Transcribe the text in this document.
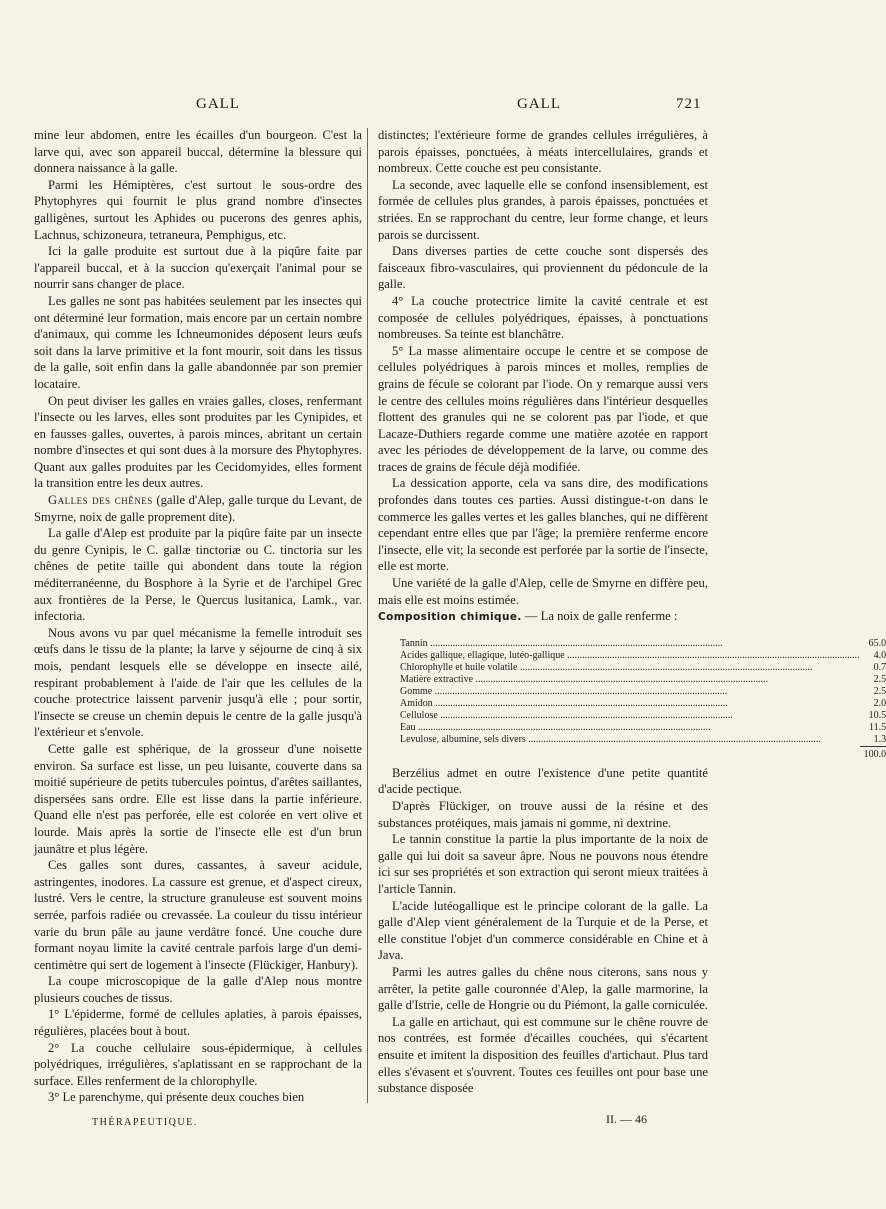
GALL	GALL	721

mine leur abdomen, entre les écailles d'un bourgeon. C'est la larve qui, avec son appareil buccal, détermine la blessure qui donnera naissance à la galle.

Parmi les Hémiptères, c'est surtout le sous-ordre des Phytophyres qui fournit le plus grand nombre d'insectes galligènes, surtout les Aphides ou pucerons des genres aphis, Lachnus, schizoneura, tetraneura, Pemphigus, etc.

Ici la galle produite est surtout due à la piqûre faite par l'appareil buccal, et à la succion qu'exerçait l'animal pour se nourrir sans changer de place.

Les galles ne sont pas habitées seulement par les insectes qui ont déterminé leur formation, mais encore par un certain nombre d'animaux, qui comme les Ichneumonides déposent leurs œufs soit dans la larve primitive et la font mourir, soit dans les tissus de la galle, soit enfin dans la galle abandonnée par son premier locataire.

On peut diviser les galles en vraies galles, closes, renfermant l'insecte ou les larves, elles sont produites par les Cynipides, et en fausses galles, ouvertes, à parois minces, abritant un certain nombre d'insectes et qui sont dues à la morsure des Phytophyres. Quant aux galles produites par les Cecidomyides, elles forment la transition entre les deux autres.

Galles des chênes (galle d'Alep, galle turque du Levant, de Smyrne, noix de galle proprement dite).

La galle d'Alep est produite par la piqûre faite par un insecte du genre Cynipis, le C. gallæ tinctoriæ ou C. tinctoria sur les chênes de petite taille qui abondent dans toute la région méditerranéenne, du Bosphore à la Syrie et de l'archipel Grec aux frontières de la Perse, le Quercus lusitanica, Lamk., var. infectoria.

Nous avons vu par quel mécanisme la femelle introduit ses œufs dans le tissu de la plante; la larve y séjourne de cinq à six mois, pendant lesquels elle se développe en insecte ailé, respirant probablement à l'aide de l'air que les cellules de la couche protectrice laissent parvenir jusqu'à elle ; pour sortir, l'insecte se creuse un chemin depuis le centre de la galle jusqu'à l'extérieur et s'envole.

Cette galle est sphérique, de la grosseur d'une noisette environ. Sa surface est lisse, un peu luisante, couverte dans sa moitié supérieure de petits tubercules pointus, d'arêtes saillantes, dispersées sans ordre. Elle est lisse dans la partie inférieure. Quand elle n'est pas perforée, elle est colorée en vert olive et lourde. Mais après la sortie de l'insecte elle est d'un brun jaunâtre et plus légère.

Ces galles sont dures, cassantes, à saveur acidule, astringentes, inodores. La cassure est grenue, et d'aspect cireux, lustré. Vers le centre, la structure granuleuse est souvent moins serrée, parfois radiée ou crevassée. La couleur du tissu intérieur varie du brun pâle au jaune verdâtre foncé. Une couche dure formant noyau limite la cavité centrale parfois large d'un demi-centimètre qui sert de logement à l'insecte (Flückiger, Hanbury).

La coupe microscopique de la galle d'Alep nous montre plusieurs couches de tissus.

1° L'épiderme, formé de cellules aplaties, à parois épaisses, régulières, placées bout à bout.

2° La couche cellulaire sous-épidermique, à cellules polyédriques, irrégulières, s'aplatissant en se rapprochant de la surface. Elles renferment de la chlorophylle.

3° Le parenchyme, qui présente deux couches bien

distinctes; l'extérieure forme de grandes cellules irrégulières, à parois épaisses, ponctuées, à méats intercellulaires, grands et nombreux. Cette couche est peu consistante.

La seconde, avec laquelle elle se confond insensiblement, est formée de cellules plus grandes, à parois épaisses, ponctuées et striées. En se rapprochant du centre, leur forme change, et leurs parois se durcissent.

Dans diverses parties de cette couche sont dispersés des faisceaux fibro-vasculaires, qui proviennent du pédoncule de la galle.

4° La couche protectrice limite la cavité centrale et est composée de cellules polyédriques, épaisses, à ponctuations nombreuses. Sa teinte est blanchâtre.

5° La masse alimentaire occupe le centre et se compose de cellules polyédriques à parois minces et molles, remplies de grains de fécule se colorant par l'iode. On y remarque aussi vers le centre des cellules moins régulières dans l'intérieur desquelles flottent des granules qui ne se colorent pas par l'iode, et que Lacaze-Duthiers regarde comme une matière azotée en rapport avec les périodes de développement de la larve, ou comme des traces de grains de fécule déjà modifiée.

La dessication apporte, cela va sans dire, des modifications profondes dans toutes ces parties. Aussi distingue-t-on dans le commerce les galles vertes et les galles blanches, qui ne diffèrent cependant entre elles que par l'âge; la première renferme encore l'insecte, elle vit; la seconde est perforée par la sortie de l'insecte, elle est morte.

Une variété de la galle d'Alep, celle de Smyrne en diffère peu, mais elle est moins estimée.

Composition chimique. — La noix de galle renferme :

Tannin .....	65.0
Acides gallique, ellagique, lutéo-gallique .....	4.0
Chlorophylle et huile volatile .....	0.7
Matière extractive .....	2.5
Gomme .....	2.5
Amidon .....	2.0
Cellulose .....	10.5
Eau .....	11.5
Levulose, albumine, sels divers .....	1.3
	100.0

Berzélius admet en outre l'existence d'une petite quantité d'acide pectique.

D'après Flückiger, on trouve aussi de la résine et des substances protéiques, mais jamais ni gomme, ni dextrine.

Le tannin constitue la partie la plus importante de la noix de galle qui lui doit sa saveur âpre. Nous ne pouvons nous étendre ici sur ses propriétés et son extraction qui seront mieux traitées à l'article Tannin.

L'acide lutéogallique est le principe colorant de la galle. La galle d'Alep vient généralement de la Turquie et de la Perse, et elle constitue l'objet d'un commerce considérable en Chine et à Java.

Parmi les autres galles du chêne nous citerons, sans nous y arrêter, la petite galle couronnée d'Alep, la galle marmorine, la galle d'Istrie, celle de Hongrie ou du Piémont, la galle corniculée.

La galle en artichaut, qui est commune sur le chêne rouvre de nos contrées, est formée d'écailles couchées, qui s'écartent ensuite et imitent la disposition des feuilles d'artichaut. Plus tard elles s'évasent et s'ouvrent. Toutes ces feuilles ont pour base une substance disposée

THÉRAPEUTIQUE.	II. — 46
